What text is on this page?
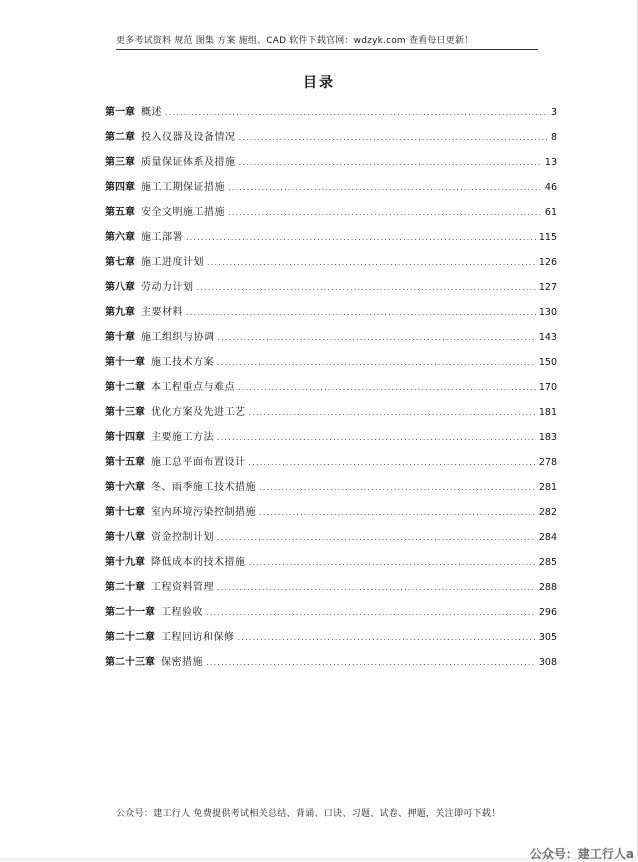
更多考试资料 规范 图集 方案 施组、CAD 软件下载官网：wdzyk.com 查看每日更新！
目录
第一章 概述 .....	3
第二章 投入仪器及设备情况 .....	8
第三章 质量保证体系及措施 .....	13
第四章 施工工期保证措施 .....	46
第五章 安全文明施工措施 .....	61
第六章 施工部署 .....	115
第七章 施工进度计划 .....	126
第八章 劳动力计划 .....	127
第九章 主要材料 .....	130
第十章 施工组织与协调 .....	143
第十一章 施工技术方案 .....	150
第十二章 本工程重点与难点 .....	170
第十三章 优化方案及先进工艺 .....	181
第十四章 主要施工方法 .....	183
第十五章 施工总平面布置设计 .....	278
第十六章 冬、雨季施工技术措施 .....	281
第十七章 室内环境污染控制措施 .....	282
第十八章 资金控制计划 .....	284
第十九章 降低成本的技术措施 .....	285
第二十章 工程资料管理 .....	288
第二十一章 工程验收 .....	296
第二十二章 工程回访和保修 .....	305
第二十三章 保密措施 .....	308
公众号：建工行人 免费提供考试相关总结、背诵、口诀、习题、试卷、押题，关注即可下载！
公众号：建工行人a
